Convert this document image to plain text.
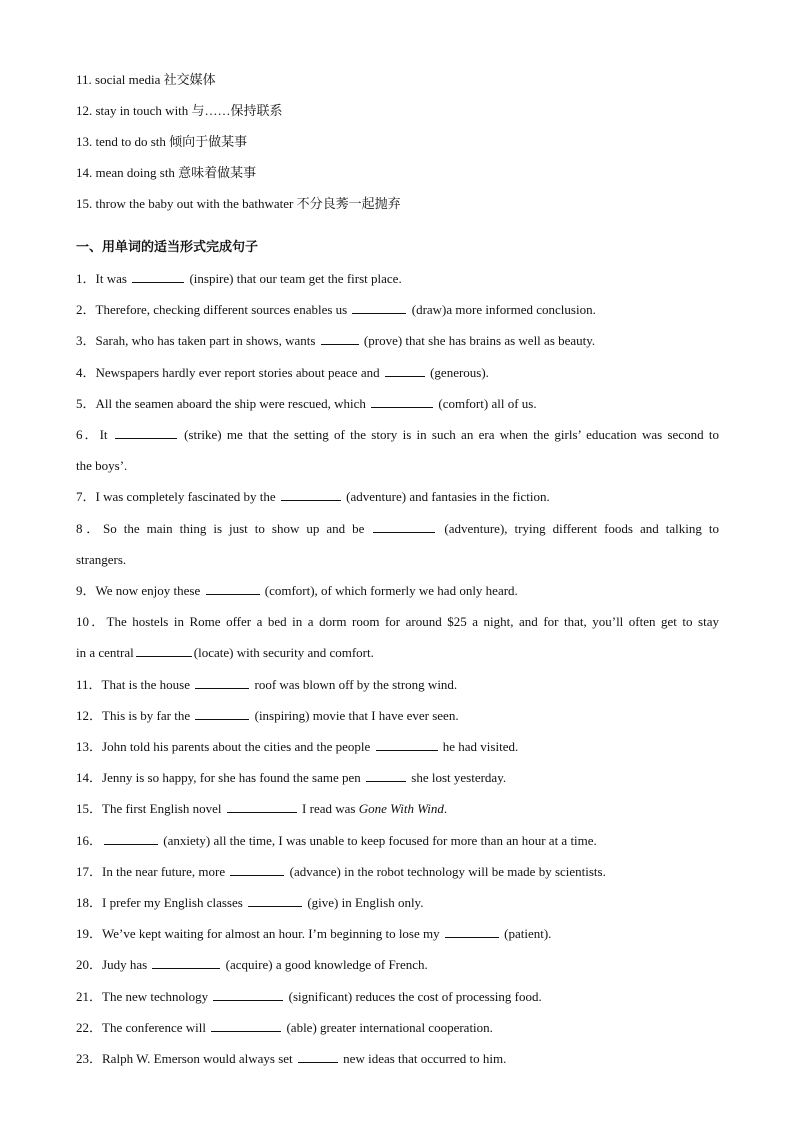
11. social media 社交媒体
12. stay in touch with 与……保持联系
13. tend to do sth 倾向于做某事
14. mean doing sth 意味着做某事
15. throw the baby out with the bathwater 不分良莠一起抛弃
一、用单词的适当形式完成句子
1．It was	(inspire) that our team get the first place.
2．Therefore, checking different sources enables us	(draw)a more informed conclusion.
3．Sarah, who has taken part in shows, wants	(prove) that she has brains as well as beauty.
4．Newspapers hardly ever report stories about peace and	(generous).
5．All the seamen aboard the ship were rescued, which	(comfort) all of us.
6．It	(strike) me that the setting of the story is in such an era when the girls’ education was second to
the boys’.
7．I was completely fascinated by the	(adventure) and fantasies in the fiction.
8．So the main thing is just to show up and be	(adventure), trying different foods and talking to
strangers.
9．We now enjoy these	(comfort), of which formerly we had only heard.
10．The hostels in Rome offer a bed in a dorm room for around $25 a night, and for that, you’ll often get to stay
in a central	(locate) with security and comfort.
11．That is the house	roof was blown off by the strong wind.
12．This is by far the	(inspiring) movie that I have ever seen.
13．John told his parents about the cities and the people	he had visited.
14．Jenny is so happy, for she has found the same pen	she lost yesterday.
15．The first English novel	I read was Gone With Wind.
16．	(anxiety) all the time, I was unable to keep focused for more than an hour at a time.
17．In the near future, more	(advance) in the robot technology will be made by scientists.
18．I prefer my English classes	(give) in English only.
19．We’ve kept waiting for almost an hour. I’m beginning to lose my	(patient).
20．Judy has	(acquire) a good knowledge of French.
21．The new technology	(significant) reduces the cost of processing food.
22．The conference will	(able) greater international cooperation.
23．Ralph W. Emerson would always set	new ideas that occurred to him.
